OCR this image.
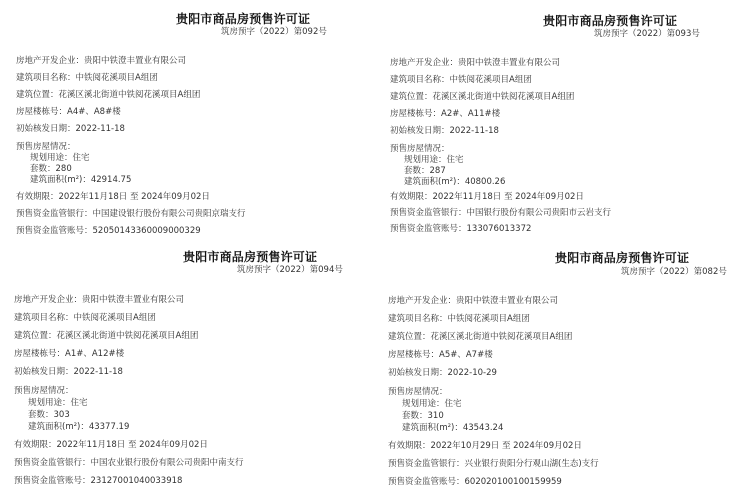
贵阳市商品房预售许可证
筑房预字（2022）第092号
房地产开发企业：贵阳中铁澄丰置业有限公司
建筑项目名称：中铁阅花溪项目A组团
建筑位置：花溪区溪北街道中铁阅花溪项目A组团
房屋楼栋号：A4#、A8#楼
初始核发日期：2022-11-18
预售房屋情况：
规划用途：住宅
套数：280
建筑面积(m²)：42914.75
有效期限：2022年11月18日 至 2024年09月02日
预售资金监管银行：中国建设银行股份有限公司贵阳京瑞支行
预售资金监管账号：52050143360009000329
贵阳市商品房预售许可证
筑房预字（2022）第093号
房地产开发企业：贵阳中铁澄丰置业有限公司
建筑项目名称：中铁阅花溪项目A组团
建筑位置：花溪区溪北街道中铁阅花溪项目A组团
房屋楼栋号：A2#、A11#楼
初始核发日期：2022-11-18
预售房屋情况：
规划用途：住宅
套数：287
建筑面积(m²)：40800.26
有效期限：2022年11月18日 至 2024年09月02日
预售资金监管银行：中国银行股份有限公司贵阳市云岩支行
预售资金监管账号：133076013372
贵阳市商品房预售许可证
筑房预字（2022）第094号
房地产开发企业：贵阳中铁澄丰置业有限公司
建筑项目名称：中铁阅花溪项目A组团
建筑位置：花溪区溪北街道中铁阅花溪项目A组团
房屋楼栋号：A1#、A12#楼
初始核发日期：2022-11-18
预售房屋情况：
规划用途：住宅
套数：303
建筑面积(m²)：43377.19
有效期限：2022年11月18日 至 2024年09月02日
预售资金监管银行：中国农业银行股份有限公司贵阳中南支行
预售资金监管账号：23127001040033918
贵阳市商品房预售许可证
筑房预字（2022）第082号
房地产开发企业：贵阳中铁澄丰置业有限公司
建筑项目名称：中铁阅花溪项目A组团
建筑位置：花溪区溪北街道中铁阅花溪项目A组团
房屋楼栋号：A5#、A7#楼
初始核发日期：2022-10-29
预售房屋情况：
规划用途：住宅
套数：310
建筑面积(m²)：43543.24
有效期限：2022年10月29日 至 2024年09月02日
预售资金监管银行：兴业银行贵阳分行观山湖(生态)支行
预售资金监管账号：602020100100159959
